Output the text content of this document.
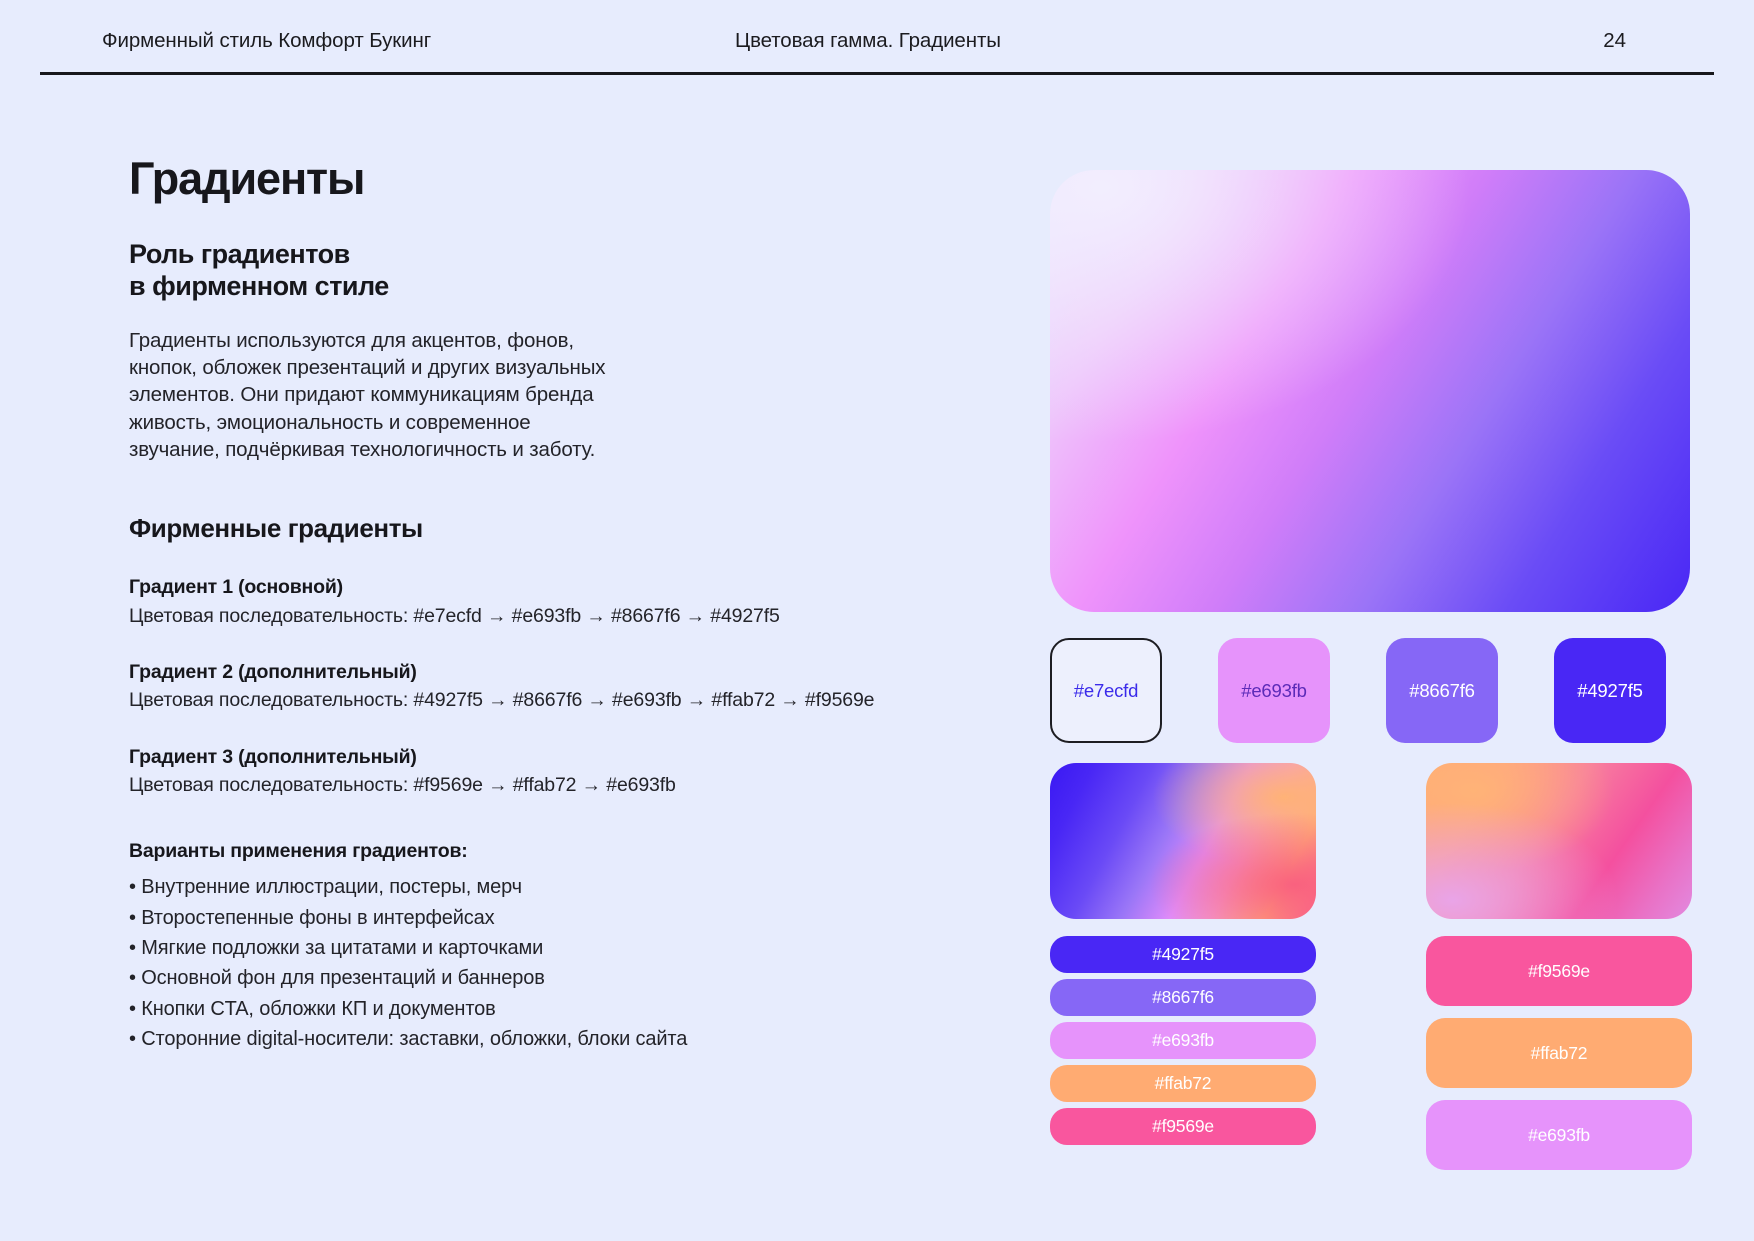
Фирменный стиль Комфорт Букинг	Цветовая гамма. Градиенты	24
Градиенты
Роль градиентов
в фирменном стиле
Градиенты используются для акцентов, фонов,
кнопок, обложек презентаций и других визуальных
элементов. Они придают коммуникациям бренда
живость, эмоциональность и современное
звучание, подчёркивая технологичность и заботу.
Фирменные градиенты
Градиент 1 (основной)
Цветовая последовательность: #e7ecfd → #e693fb → #8667f6 → #4927f5
Градиент 2 (дополнительный)
Цветовая последовательность: #4927f5 → #8667f6 → #e693fb → #ffab72 → #f9569e
Градиент 3 (дополнительный)
Цветовая последовательность: #f9569e → #ffab72 → #e693fb
Варианты применения градиентов:
• Внутренние иллюстрации, постеры, мерч
• Второстепенные фоны в интерфейсах
• Мягкие подложки за цитатами и карточками
• Основной фон для презентаций и баннеров
• Кнопки CTA, обложки КП и документов
• Сторонние digital-носители: заставки, обложки, блоки сайта
#e7ecfd	#e693fb	#8667f6	#4927f5
#4927f5
#8667f6
#e693fb
#ffab72
#f9569e
#f9569e
#ffab72
#e693fb
